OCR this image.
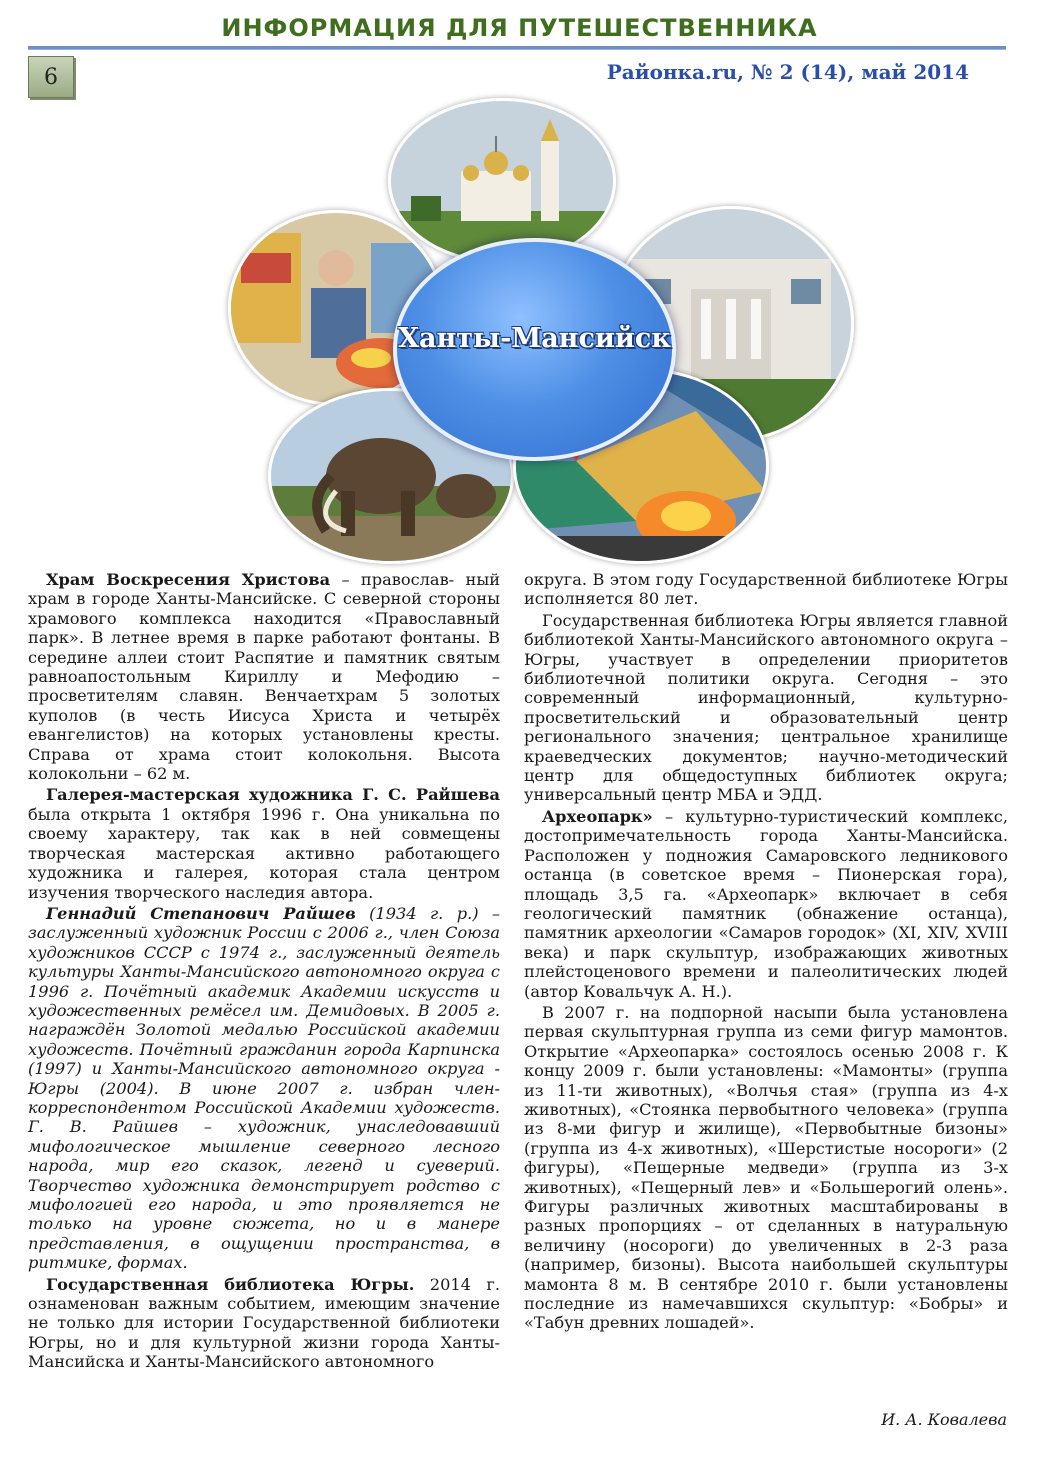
ИНФОРМАЦИЯ ДЛЯ ПУТЕШЕСТВЕННИКА
6	Районка.ru, № 2 (14), май 2014
Ханты-Мансийск

Храм Воскресения Христова – православ- ный храм в городе Ханты-Мансийске. С северной стороны храмового комплекса находится «Православный парк». В летнее время в парке работают фонтаны. В середине аллеи стоит Распятие и памятник святым равноапостольным Кириллу и Мефодию – просветителям славян. Венчаетхрам 5 золотых куполов (в честь Иисуса Христа и четырёх евангелистов) на которых установлены кресты. Справа от храма стоит колокольня. Высота колокольни – 62 м.

Галерея-мастерская художника Г. С. Райшева была открыта 1 октября 1996 г. Она уникальна по своему характеру, так как в ней совмещены творческая мастерская активно работающего художника и галерея, которая стала центром изучения творческого наследия автора.

Геннадий Степанович Райшев (1934 г. р.) – заслуженный художник России с 2006 г., член Союза художников СССР с 1974 г., заслуженный деятель культуры Ханты-Мансийского автономного округа с 1996 г. Почётный академик Академии искусств и художественных ремёсел им. Демидовых. В 2005 г. награждён Золотой медалью Российской академии художеств. Почётный гражданин города Карпинска (1997) и Ханты-Мансийского автономного округа - Югры (2004). В июне 2007 г. избран член-корреспондентом Российской Академии художеств. Г. В. Райшев – художник, унаследовавший мифологическое мышление северного лесного народа, мир его сказок, легенд и суеверий. Творчество художника демонстрирует родство с мифологией его народа, и это проявляется не только на уровне сюжета, но и в манере представления, в ощущении пространства, в ритмике, формах.

Государственная библиотека Югры. 2014 г. ознаменован важным событием, имеющим значение не только для истории Государственной библиотеки Югры, но и для культурной жизни города Ханты-Мансийска и Ханты-Мансийского автономного

округа. В этом году Государственной библиотеке Югры исполняется 80 лет.

Государственная библиотека Югры является главной библиотекой Ханты-Мансийского автономного округа –Югры, участвует в определении приоритетов библиотечной политики округа. Сегодня – это современный информационный, культурно-просветительский и образовательный центр регионального значения; центральное хранилище краеведческих документов; научно-методический центр для общедоступных библиотек округа; универсальный центр МБА и ЭДД.

Археопарк» – культурно-туристический комплекс, достопримечательность города Ханты-Мансийска. Расположен у подножия Самаровского ледникового останца (в советское время – Пионерская гора), площадь 3,5 га. «Археопарк» включает в себя геологический памятник (обнажение останца), памятник археологии «Самаров городок» (XI, XIV, XVIII века) и парк скульптур, изображающих животных плейстоценового времени и палеолитических людей (автор Ковальчук А. Н.).

В 2007 г. на подпорной насыпи была установлена первая скульптурная группа из семи фигур мамонтов. Открытие «Археопарка» состоялось осенью 2008 г. К концу 2009 г. были установлены: «Мамонты» (группа из 11-ти животных), «Волчья стая» (группа из 4-х животных), «Стоянка первобытного человека» (группа из 8-ми фигур и жилище), «Первобытные бизоны» (группа из 4-х животных), «Шерстистые носороги» (2 фигуры), «Пещерные медведи» (группа из 3-х животных), «Пещерный лев» и «Большерогий олень». Фигуры различных животных масштабированы в разных пропорциях – от сделанных в натуральную величину (носороги) до увеличенных в 2-3 раза (например, бизоны). Высота наибольшей скульптуры мамонта 8 м. В сентябре 2010 г. были установлены последние из намечавшихся скульптур: «Бобры» и «Табун древних лошадей».

И. А. Ковалева
